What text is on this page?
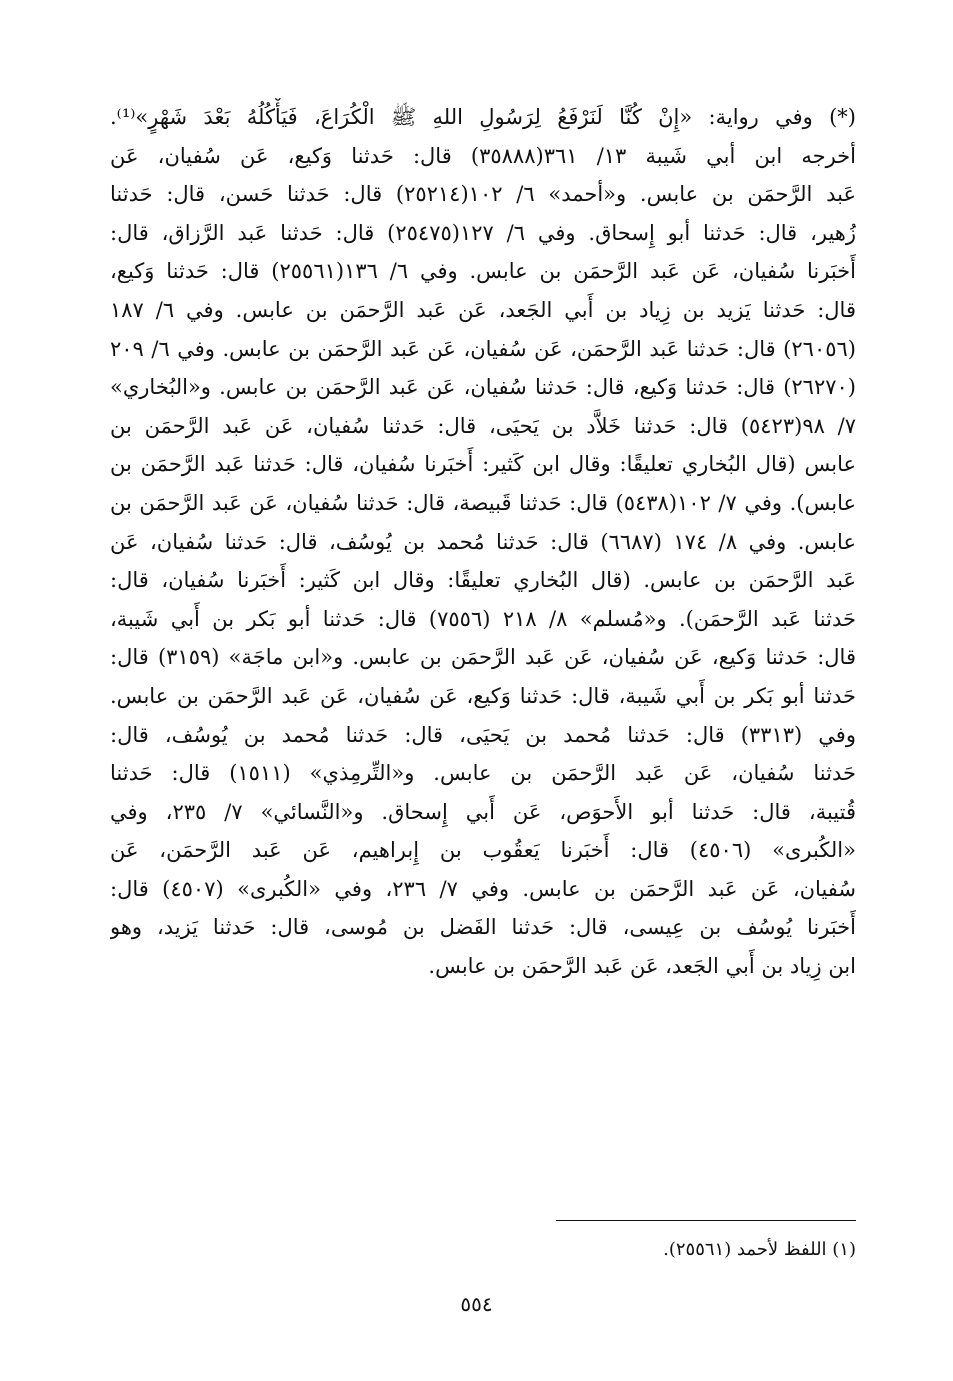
(*) وفي رواية: «إِنْ كُنَّا لَنَرْفَعُ لِرَسُولِ اللهِ ﷺ الْكُرَاعَ، فَيَأْكُلُهُ بَعْدَ شَهْرٍ»⁽¹⁾.
أخرجه ابن أبي شَيبة ١٣/ ٣٦١(٣٥٨٨٨) قال: حَدثنا وَكيع، عَن سُفيان، عَن
عَبد الرَّحمَن بن عابس. و«أحمد» ٦/ ١٠٢(٢٥٢١٤) قال: حَدثنا حَسن، قال: حَدثنا
زُهير، قال: حَدثنا أبو إِسحاق. وفي ٦/ ١٢٧(٢٥٤٧٥) قال: حَدثنا عَبد الرَّزاق، قال:
أَخبَرنا سُفيان، عَن عَبد الرَّحمَن بن عابس. وفي ٦/ ١٣٦(٢٥٥٦١) قال: حَدثنا وَكيع،
قال: حَدثنا يَزيد بن زِياد بن أَبي الجَعد، عَن عَبد الرَّحمَن بن عابس. وفي ٦/ ١٨٧
(٢٦٠٥٦) قال: حَدثنا عَبد الرَّحمَن، عَن سُفيان، عَن عَبد الرَّحمَن بن عابس. وفي ٦/ ٢٠٩
(٢٦٢٧٠) قال: حَدثنا وَكيع، قال: حَدثنا سُفيان، عَن عَبد الرَّحمَن بن عابس. و«البُخاري»
٧/ ٩٨(٥٤٢٣) قال: حَدثنا خَلاَّد بن يَحيَى، قال: حَدثنا سُفيان، عَن عَبد الرَّحمَن بن
عابس (قال البُخاري تعليقًا: وقال ابن كَثير: أَخبَرنا سُفيان، قال: حَدثنا عَبد الرَّحمَن بن
عابس). وفي ٧/ ١٠٢(٥٤٣٨) قال: حَدثنا قَبيصة، قال: حَدثنا سُفيان، عَن عَبد الرَّحمَن بن
عابس. وفي ٨/ ١٧٤ (٦٦٨٧) قال: حَدثنا مُحمد بن يُوسُف، قال: حَدثنا سُفيان، عَن
عَبد الرَّحمَن بن عابس. (قال البُخاري تعليقًا: وقال ابن كَثير: أَخبَرنا سُفيان، قال:
حَدثنا عَبد الرَّحمَن). و«مُسلم» ٨/ ٢١٨ (٧٥٥٦) قال: حَدثنا أبو بَكر بن أَبي شَيبة،
قال: حَدثنا وَكيع، عَن سُفيان، عَن عَبد الرَّحمَن بن عابس. و«ابن ماجَة» (٣١٥٩) قال:
حَدثنا أبو بَكر بن أَبي شَيبة، قال: حَدثنا وَكيع، عَن سُفيان، عَن عَبد الرَّحمَن بن عابس.
وفي (٣٣١٣) قال: حَدثنا مُحمد بن يَحيَى، قال: حَدثنا مُحمد بن يُوسُف، قال:
حَدثنا سُفيان، عَن عَبد الرَّحمَن بن عابس. و«التِّرمِذي» (١٥١١) قال: حَدثنا
قُتيبة، قال: حَدثنا أبو الأَحوَص، عَن أَبي إِسحاق. و«النَّسائي» ٧/ ٢٣٥، وفي
«الكُبرى» (٤٥٠٦) قال: أَخبَرنا يَعقُوب بن إِبراهيم، عَن عَبد الرَّحمَن، عَن
سُفيان، عَن عَبد الرَّحمَن بن عابس. وفي ٧/ ٢٣٦، وفي «الكُبرى» (٤٥٠٧) قال:
أَخبَرنا يُوسُف بن عِيسى، قال: حَدثنا الفَضل بن مُوسى، قال: حَدثنا يَزيد، وهو
ابن زِياد بن أَبي الجَعد، عَن عَبد الرَّحمَن بن عابس.
(١) اللفظ لأحمد (٢٥٥٦١).
٥٥٤
